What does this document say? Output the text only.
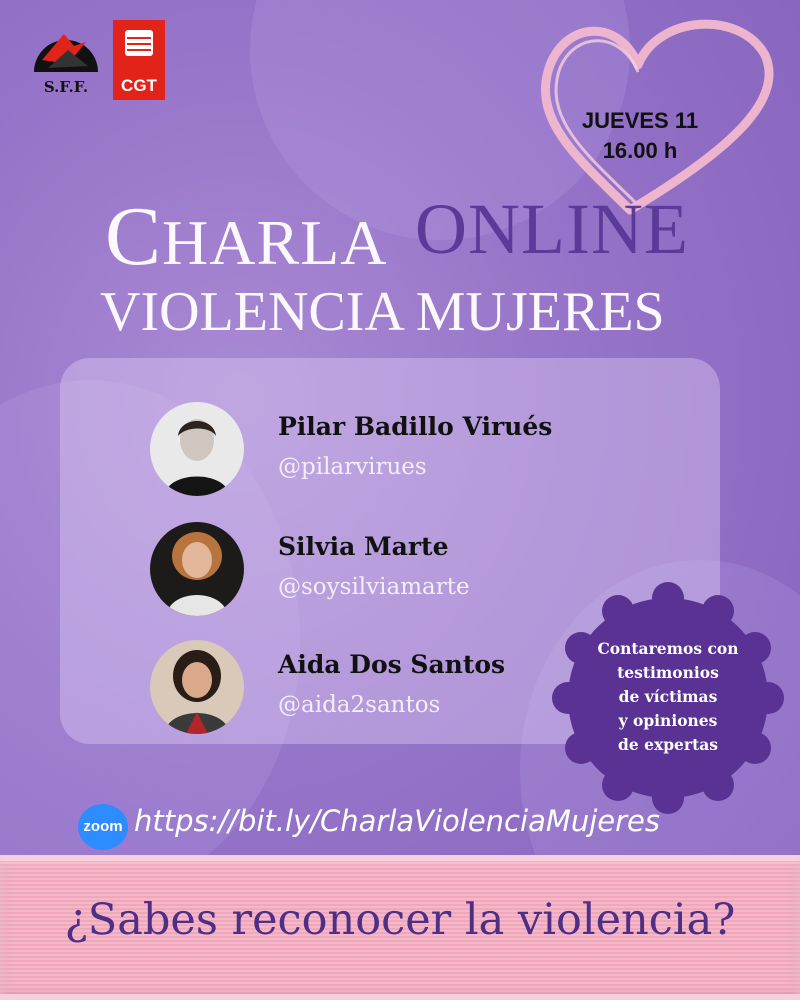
S.F.F.	CGT
JUEVES 11
16.00 h
CHARLA ONLINE
VIOLENCIA MUJERES
Pilar Badillo Virués
@pilarvirues
Silvia Marte
@soysilviamarte
Aida Dos Santos
@aida2santos
Contaremos con
testimonios
de víctimas
y opiniones
de expertas
zoom https://bit.ly/CharlaViolenciaMujeres
¿Sabes reconocer la violencia?
